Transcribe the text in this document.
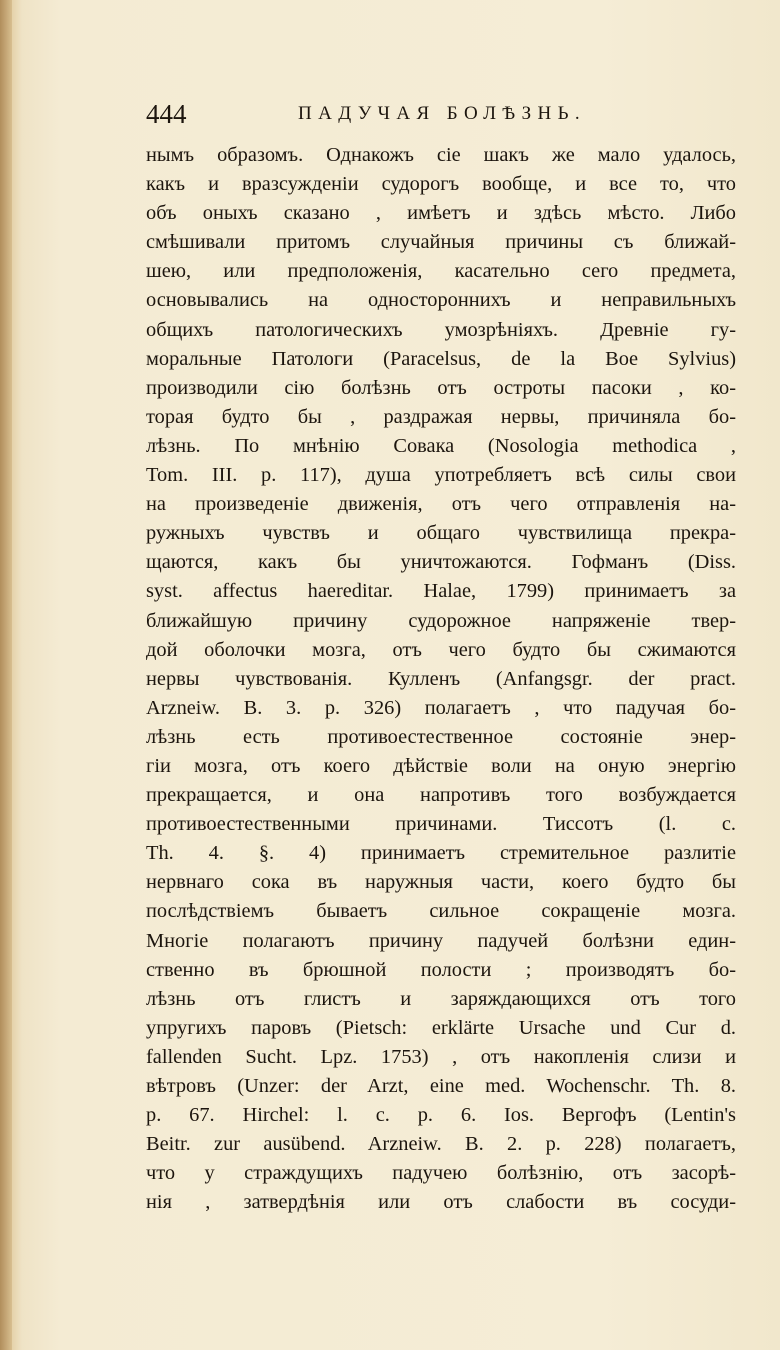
444	ПАДУЧАЯ БОЛѢЗНЬ.
нымъ образомъ. Однакожъ сіе шакъ же мало удалось,
какъ и вразсужденіи судорогъ вообще, и все то, что
объ оныхъ сказано , имѣетъ и здѣсь мѣсто. Либо
смѣшивали притомъ случайныя причины съ ближай-
шею, или предположенія, касательно сего предмета,
основывались на одностороннихъ и неправильныхъ
общихъ патологическихъ умозрѣніяхъ. Древніе гу-
моральные Патологи (Paracelsus, de la Boe Sylvius)
производили сію болѣзнь отъ остроты пасоки , ко-
торая будто бы , раздражая нервы, причиняла бо-
лѣзнь. По мнѣнію Совака (Nosologia methodica ,
Tom. III. p. 117), душа употребляетъ всѣ силы свои
на произведеніе движенія, отъ чего отправленія на-
ружныхъ чувствъ и общаго чувствилища прекра-
щаются, какъ бы уничтожаются. Гофманъ (Diss.
syst. affectus haereditar. Halae, 1799) принимаетъ за
ближайшую причину судорожное напряженіе твер-
дой оболочки мозга, отъ чего будто бы сжимаются
нервы чувствованія. Кулленъ (Anfangsgr. der pract.
Arzneiw. B. 3. p. 326) полагаетъ , что падучая бо-
лѣзнь есть противоестественное состояніе энер-
гіи мозга, отъ коего дѣйствіе воли на оную энергію
прекращается, и она напротивъ того возбуждается
противоестественными причинами. Тиссотъ (l. c.
Th. 4. §. 4) принимаетъ стремительное разлитіе
нервнаго сока въ наружныя части, коего будто бы
послѣдствіемъ бываетъ сильное сокращеніе мозга.
Многіе полагаютъ причину падучей болѣзни един-
ственно въ брюшной полости ; производятъ бо-
лѣзнь отъ глистъ и заряждающихся отъ того
упругихъ паровъ (Pietsch: erklärte Ursache und Cur d.
fallenden Sucht. Lpz. 1753) , отъ накопленія слизи и
вѣтровъ (Unzer: der Arzt, eine med. Wochenschr. Th. 8.
p. 67. Hirchel: l. c. p. 6. Ios. Вергофъ (Lentin's
Beitr. zur ausübend. Arzneiw. B. 2. p. 228) полагаетъ,
что у страждущихъ падучею болѣзнію, отъ засорѣ-
нія , затвердѣнія или отъ слабости въ сосуди-
